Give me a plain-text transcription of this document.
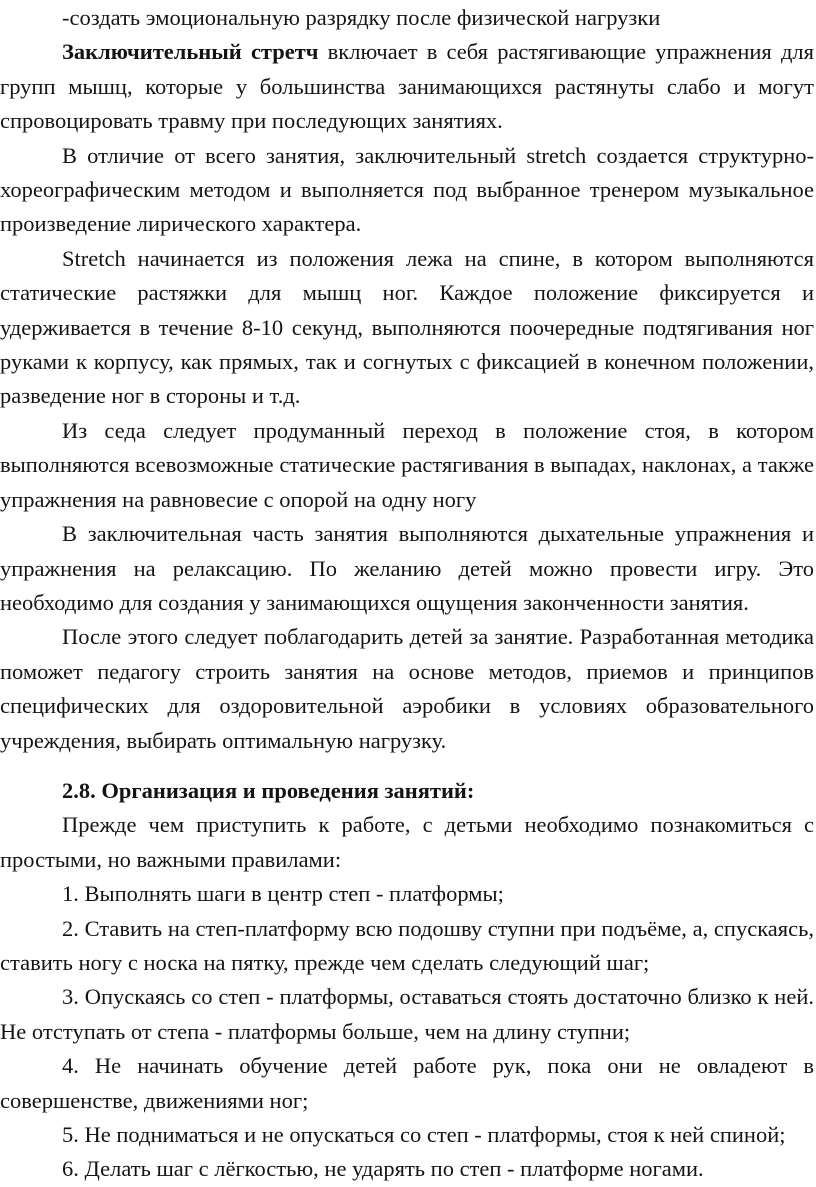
-создать эмоциональную разрядку после физической нагрузки

Заключительный стретч включает в себя растягивающие упражнения для групп мышц, которые у большинства занимающихся растянуты слабо и могут спровоцировать травму при последующих занятиях.

В отличие от всего занятия, заключительный stretch создается структурно- хореографическим методом и выполняется под выбранное тренером музыкальное произведение лирического характера.

Stretch начинается из положения лежа на спине, в котором выполняются статические растяжки для мышц ног. Каждое положение фиксируется и удерживается в течение 8-10 секунд, выполняются поочередные подтягивания ног руками к корпусу, как прямых, так и согнутых с фиксацией в конечном положении, разведение ног в стороны и т.д.

Из седа следует продуманный переход в положение стоя, в котором выполняются всевозможные статические растягивания в выпадах, наклонах, а также упражнения на равновесие с опорой на одну ногу

В заключительная часть занятия выполняются дыхательные упражнения и упражнения на релаксацию. По желанию детей можно провести игру. Это необходимо для создания у занимающихся ощущения законченности занятия.

После этого следует поблагодарить детей за занятие. Разработанная методика поможет педагогу строить занятия на основе методов, приемов и принципов специфических для оздоровительной аэробики в условиях образовательного учреждения, выбирать оптимальную нагрузку.

2.8. Организация и проведения занятий:

Прежде чем приступить к работе, с детьми необходимо познакомиться с простыми, но важными правилами:

1. Выполнять шаги в центр степ - платформы;

2. Ставить на степ-платформу всю подошву ступни при подъёме, а, спускаясь, ставить ногу с носка на пятку, прежде чем сделать следующий шаг;

3. Опускаясь со степ - платформы, оставаться стоять достаточно близко к ней. Не отступать от степа - платформы больше, чем на длину ступни;

4. Не начинать обучение детей работе рук, пока они не овладеют в совершенстве, движениями ног;

5. Не подниматься и не опускаться со степ - платформы, стоя к ней спиной;

6. Делать шаг с лёгкостью, не ударять по степ - платформе ногами.
